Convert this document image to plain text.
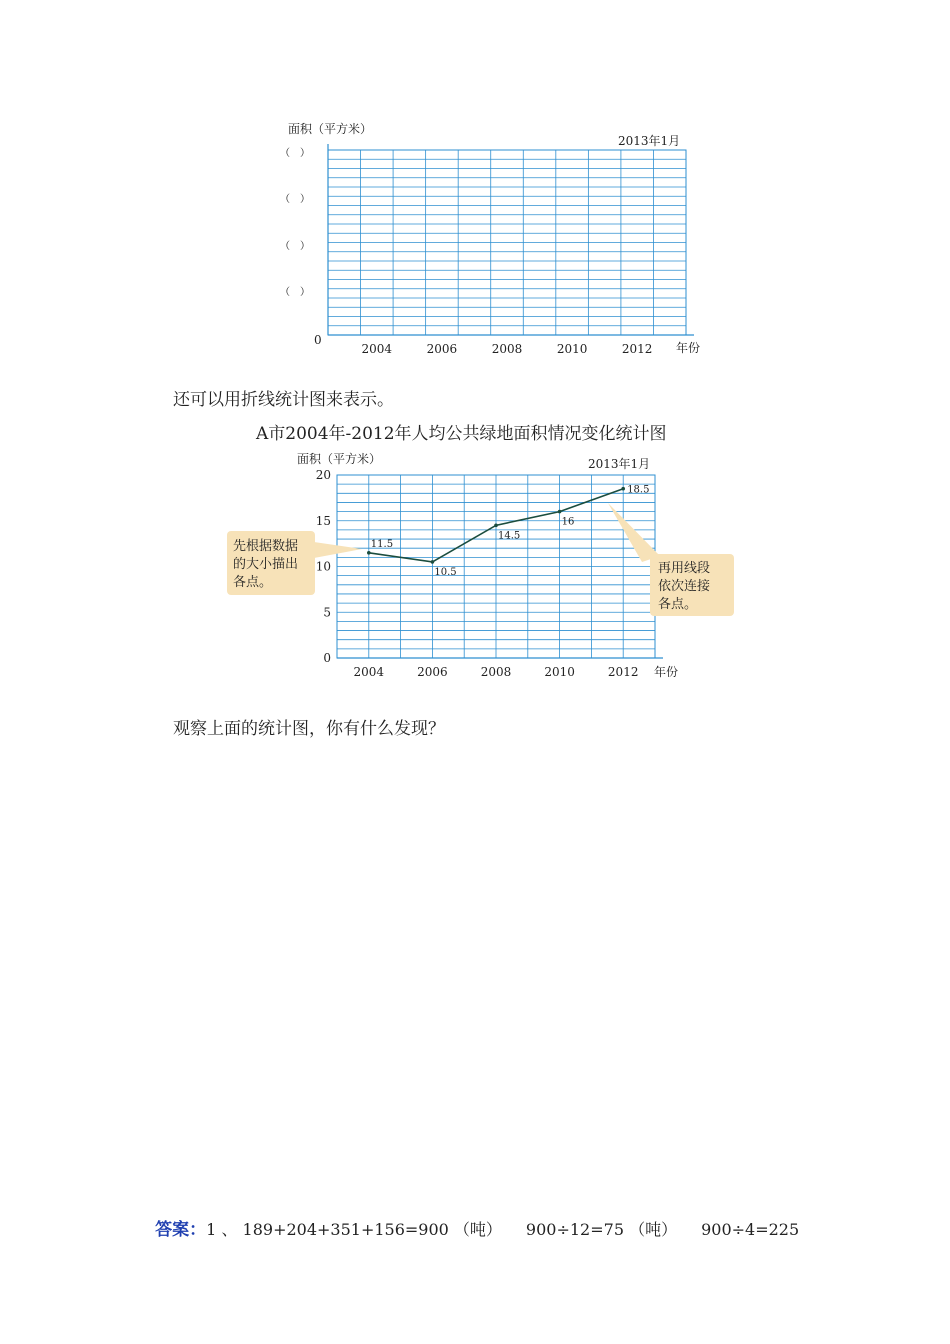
面积（平方米）
2013年1月
年份
0
（　）
（　）
（　）
（　）
2004	2006	2008	2010	2012
还可以用折线统计图来表示。
A市2004年-2012年人均公共绿地面积情况变化统计图
0
5
10
15
20
2004	2006	2008	2010	2012
面积（平方米）	2013年1月
年份
11.5
10.5
14.5
16
18.5
先根据数据
的大小描出
各点。
再用线段
依次连接
各点。
观察上面的统计图，你有什么发现？

答案：1 、 189+204+351+156=900 （吨）　　900÷12=75 （吨）　　900÷4=225
